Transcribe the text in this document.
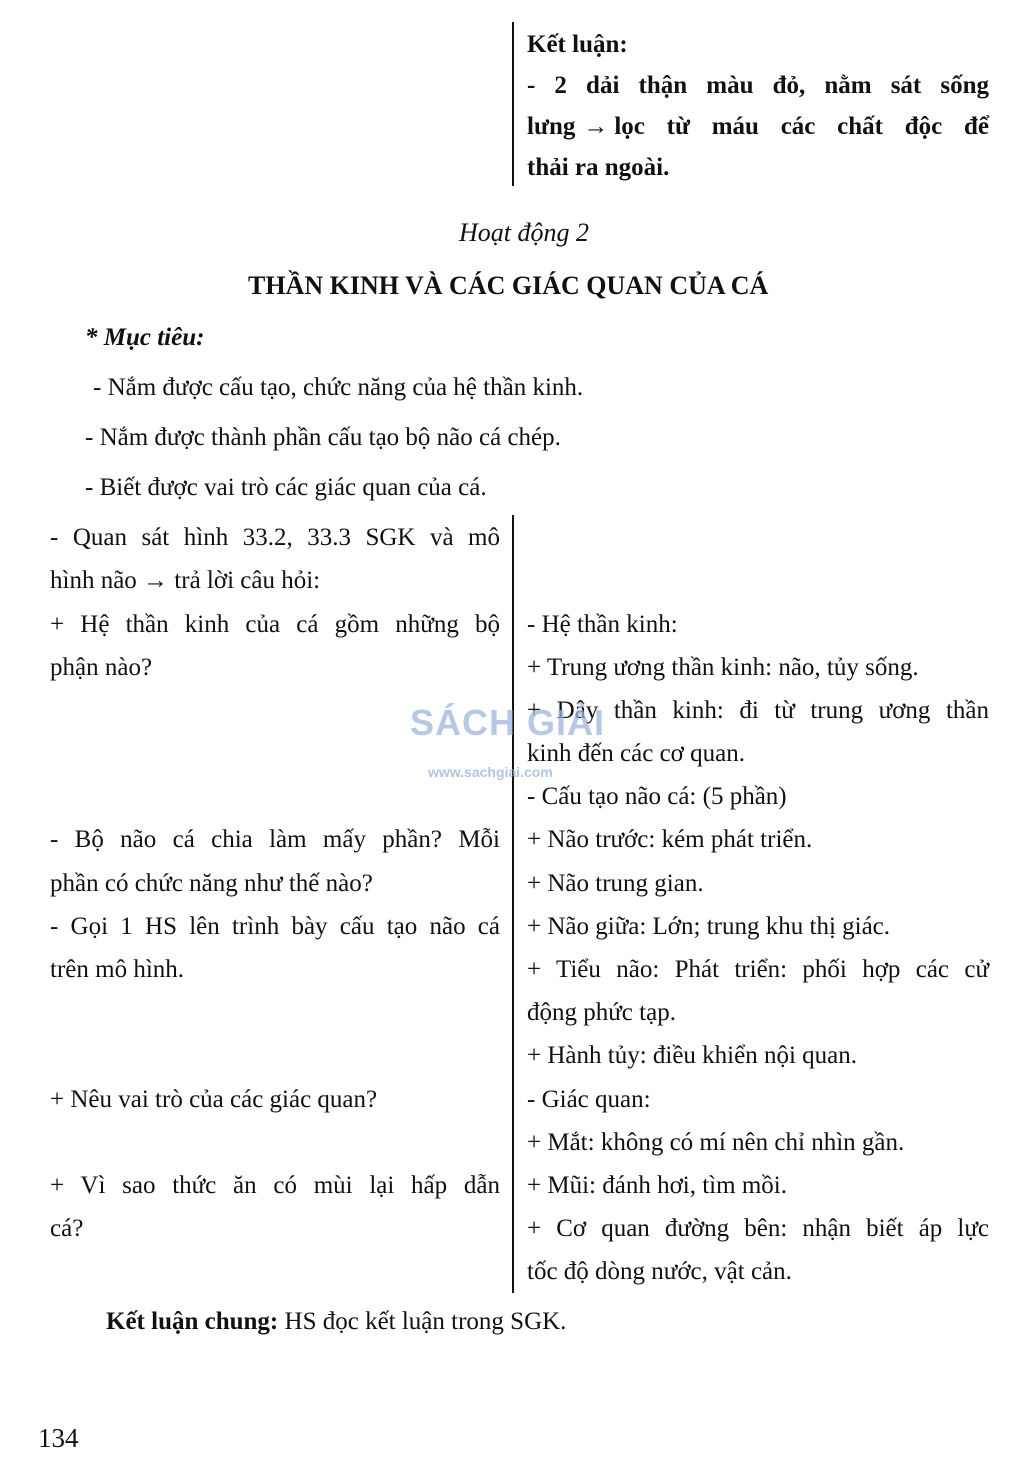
Kết luận:
- 2 dải thận màu đỏ, nằm sát sống
lưng → lọc từ máu các chất độc để
thải ra ngoài.
Hoạt động 2
THẦN KINH VÀ CÁC GIÁC QUAN CỦA CÁ
* Mục tiêu:
- Nắm được cấu tạo, chức năng của hệ thần kinh.
- Nắm được thành phần cấu tạo bộ não cá chép.
- Biết được vai trò các giác quan của cá.
- Quan sát hình 33.2, 33.3 SGK và mô
hình não → trả lời câu hỏi:
+ Hệ thần kinh của cá gồm những bộ
phận nào?
- Bộ não cá chia làm mấy phần? Mỗi
phần có chức năng như thế nào?
- Gọi 1 HS lên trình bày cấu tạo não cá
trên mô hình.
+ Nêu vai trò của các giác quan?
+ Vì sao thức ăn có mùi lại hấp dẫn
cá?
- Hệ thần kinh:
+ Trung ương thần kinh: não, tủy sống.
+ Dây thần kinh: đi từ trung ương thần
kinh đến các cơ quan.
- Cấu tạo não cá: (5 phần)
+ Não trước: kém phát triển.
+ Não trung gian.
+ Não giữa: Lớn; trung khu thị giác.
+ Tiểu não: Phát triển: phối hợp các cử
động phức tạp.
+ Hành tủy: điều khiển nội quan.
- Giác quan:
+ Mắt: không có mí nên chỉ nhìn gần.
+ Mũi: đánh hơi, tìm mồi.
+ Cơ quan đường bên: nhận biết áp lực
tốc độ dòng nước, vật cản.
SÁCH GIẢI
www.sachgiai.com
Kết luận chung: HS đọc kết luận trong SGK.
134
